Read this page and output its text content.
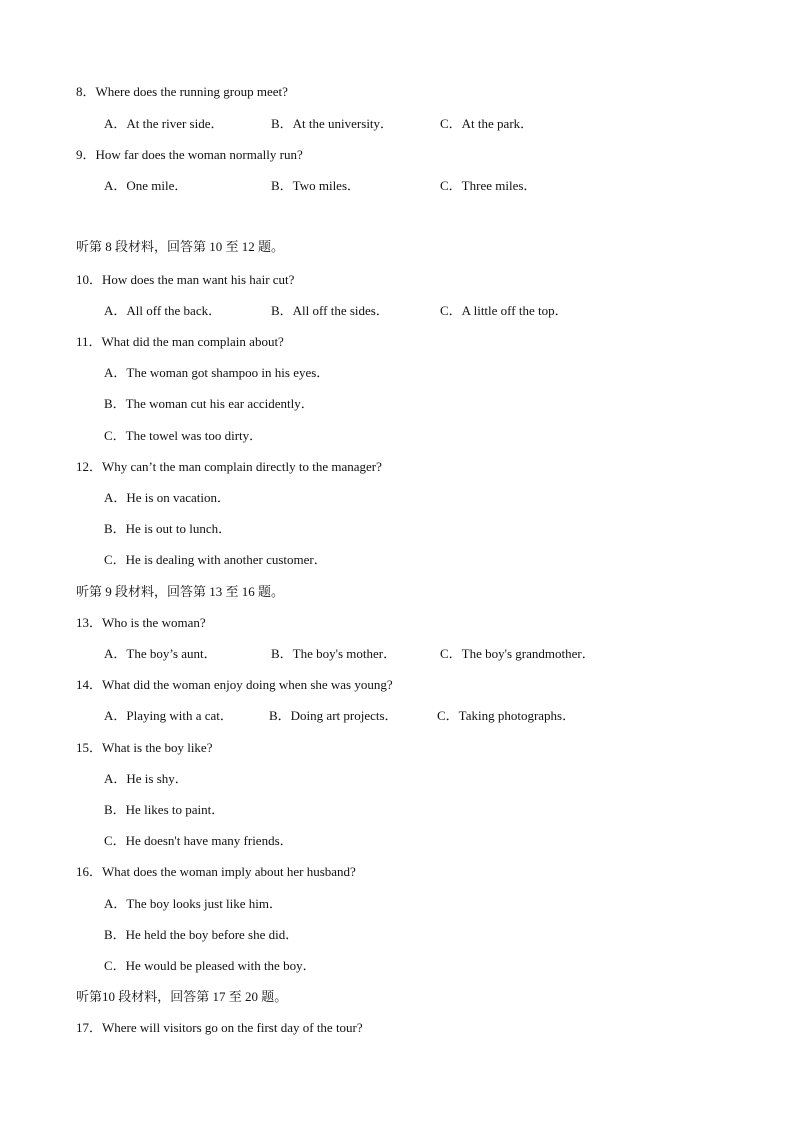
8．Where does the running group meet?
A．At the river side．	B．At the university．	C．At the park．
9．How far does the woman normally run?
A．One mile．	B．Two miles．	C．Three miles．
听第 8 段材料，回答第 10 至 12 题。
10．How does the man want his hair cut?
A．All off the back．	B．All off the sides．	C．A little off the top．
11．What did the man complain about?
A．The woman got shampoo in his eyes．
B．The woman cut his ear accidently．
C．The towel was too dirty．
12．Why can’t the man complain directly to the manager?
A．He is on vacation．
B．He is out to lunch．
C．He is dealing with another customer．
听第 9 段材料，回答第 13 至 16 题。
13．Who is the woman?
A．The boy’s aunt．	B．The boy's mother．	C．The boy's grandmother．
14．What did the woman enjoy doing when she was young?
A．Playing with a cat．	B．Doing art projects．	C．Taking photographs．
15．What is the boy like?
A．He is shy．
B．He likes to paint．
C．He doesn't have many friends．
16．What does the woman imply about her husband?
A．The boy looks just like him．
B．He held the boy before she did．
C．He would be pleased with the boy．
听第10 段材料，回答第 17 至 20 题。
17．Where will visitors go on the first day of the tour?
